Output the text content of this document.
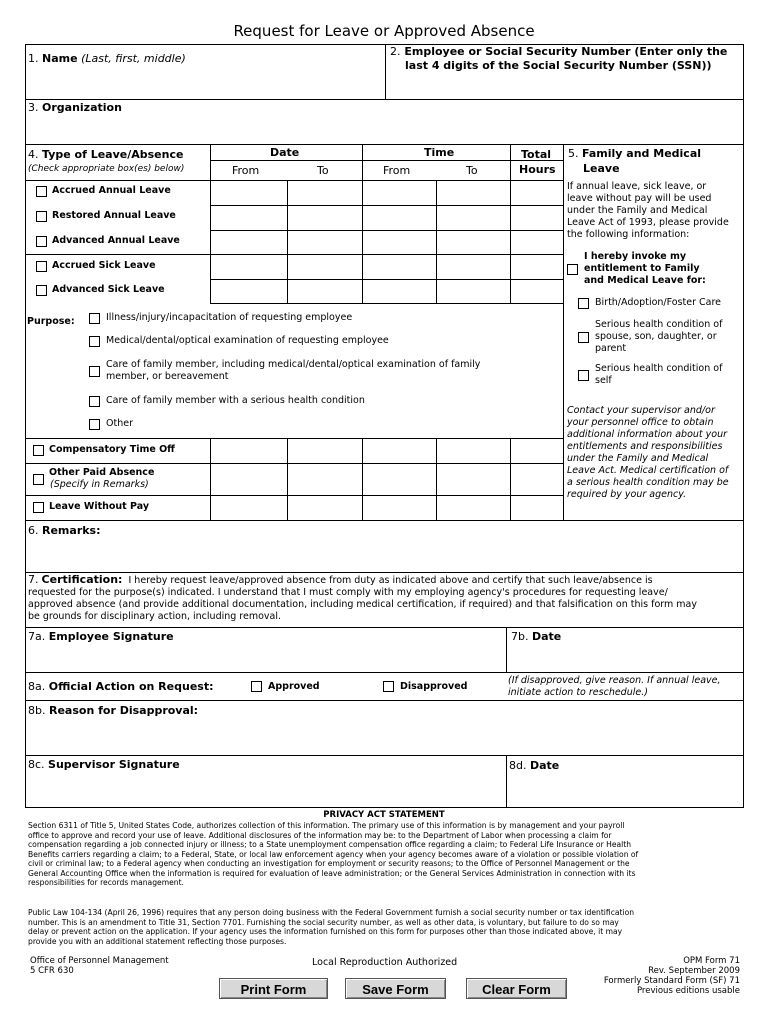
Request for Leave or Approved Absence
1. Name (Last, first, middle)
2. Employee or Social Security Number (Enter only the
last 4 digits of the Social Security Number (SSN))
3. Organization
4. Type of Leave/Absence
(Check appropriate box(es) below)
Date
From	To
Time
From	To
Total
Hours
5. Family and Medical
Leave
Accrued Annual Leave
Restored Annual Leave
Advanced Annual Leave
Accrued Sick Leave
Advanced Sick Leave
Purpose:	Illness/injury/incapacitation of requesting employee
Medical/dental/optical examination of requesting employee
Care of family member, including medical/dental/optical examination of family
member, or bereavement
Care of family member with a serious health condition
Other
Compensatory Time Off
Other Paid Absence
(Specify in Remarks)
Leave Without Pay
If annual leave, sick leave, or
leave without pay will be used
under the Family and Medical
Leave Act of 1993, please provide
the following information:
I hereby invoke my
entitlement to Family
and Medical Leave for:
Birth/Adoption/Foster Care
Serious health condition of
spouse, son, daughter, or
parent
Serious health condition of
self
Contact your supervisor and/or
your personnel office to obtain
additional information about your
entitlements and responsibilities
under the Family and Medical
Leave Act. Medical certification of
a serious health condition may be
required by your agency.
6. Remarks:
7. Certification: I hereby request leave/approved absence from duty as indicated above and certify that such leave/absence is
requested for the purpose(s) indicated. I understand that I must comply with my employing agency's procedures for requesting leave/
approved absence (and provide additional documentation, including medical certification, if required) and that falsification on this form may
be grounds for disciplinary action, including removal.
7a. Employee Signature	7b. Date
8a. Official Action on Request:	Approved	Disapproved
(If disapproved, give reason. If annual leave,
initiate action to reschedule.)
8b. Reason for Disapproval:
8c. Supervisor Signature	8d. Date
PRIVACY ACT STATEMENT
Section 6311 of Title 5, United States Code, authorizes collection of this information. The primary use of this information is by management and your payroll
office to approve and record your use of leave. Additional disclosures of the information may be: to the Department of Labor when processing a claim for
compensation regarding a job connected injury or illness; to a State unemployment compensation office regarding a claim; to Federal Life Insurance or Health
Benefits carriers regarding a claim; to a Federal, State, or local law enforcement agency when your agency becomes aware of a violation or possible violation of
civil or criminal law; to a Federal agency when conducting an investigation for employment or security reasons; to the Office of Personnel Management or the
General Accounting Office when the information is required for evaluation of leave administration; or the General Services Administration in connection with its
responsibilities for records management.
Public Law 104-134 (April 26, 1996) requires that any person doing business with the Federal Government furnish a social security number or tax identification
number. This is an amendment to Title 31, Section 7701. Furnishing the social security number, as well as other data, is voluntary, but failure to do so may
delay or prevent action on the application. If your agency uses the information furnished on this form for purposes other than those indicated above, it may
provide you with an additional statement reflecting those purposes.
Office of Personnel Management
5 CFR 630
Local Reproduction Authorized	OPM Form 71
Rev. September 2009
Formerly Standard Form (SF) 71
Previous editions usable
Print Form	Save Form	Clear Form
